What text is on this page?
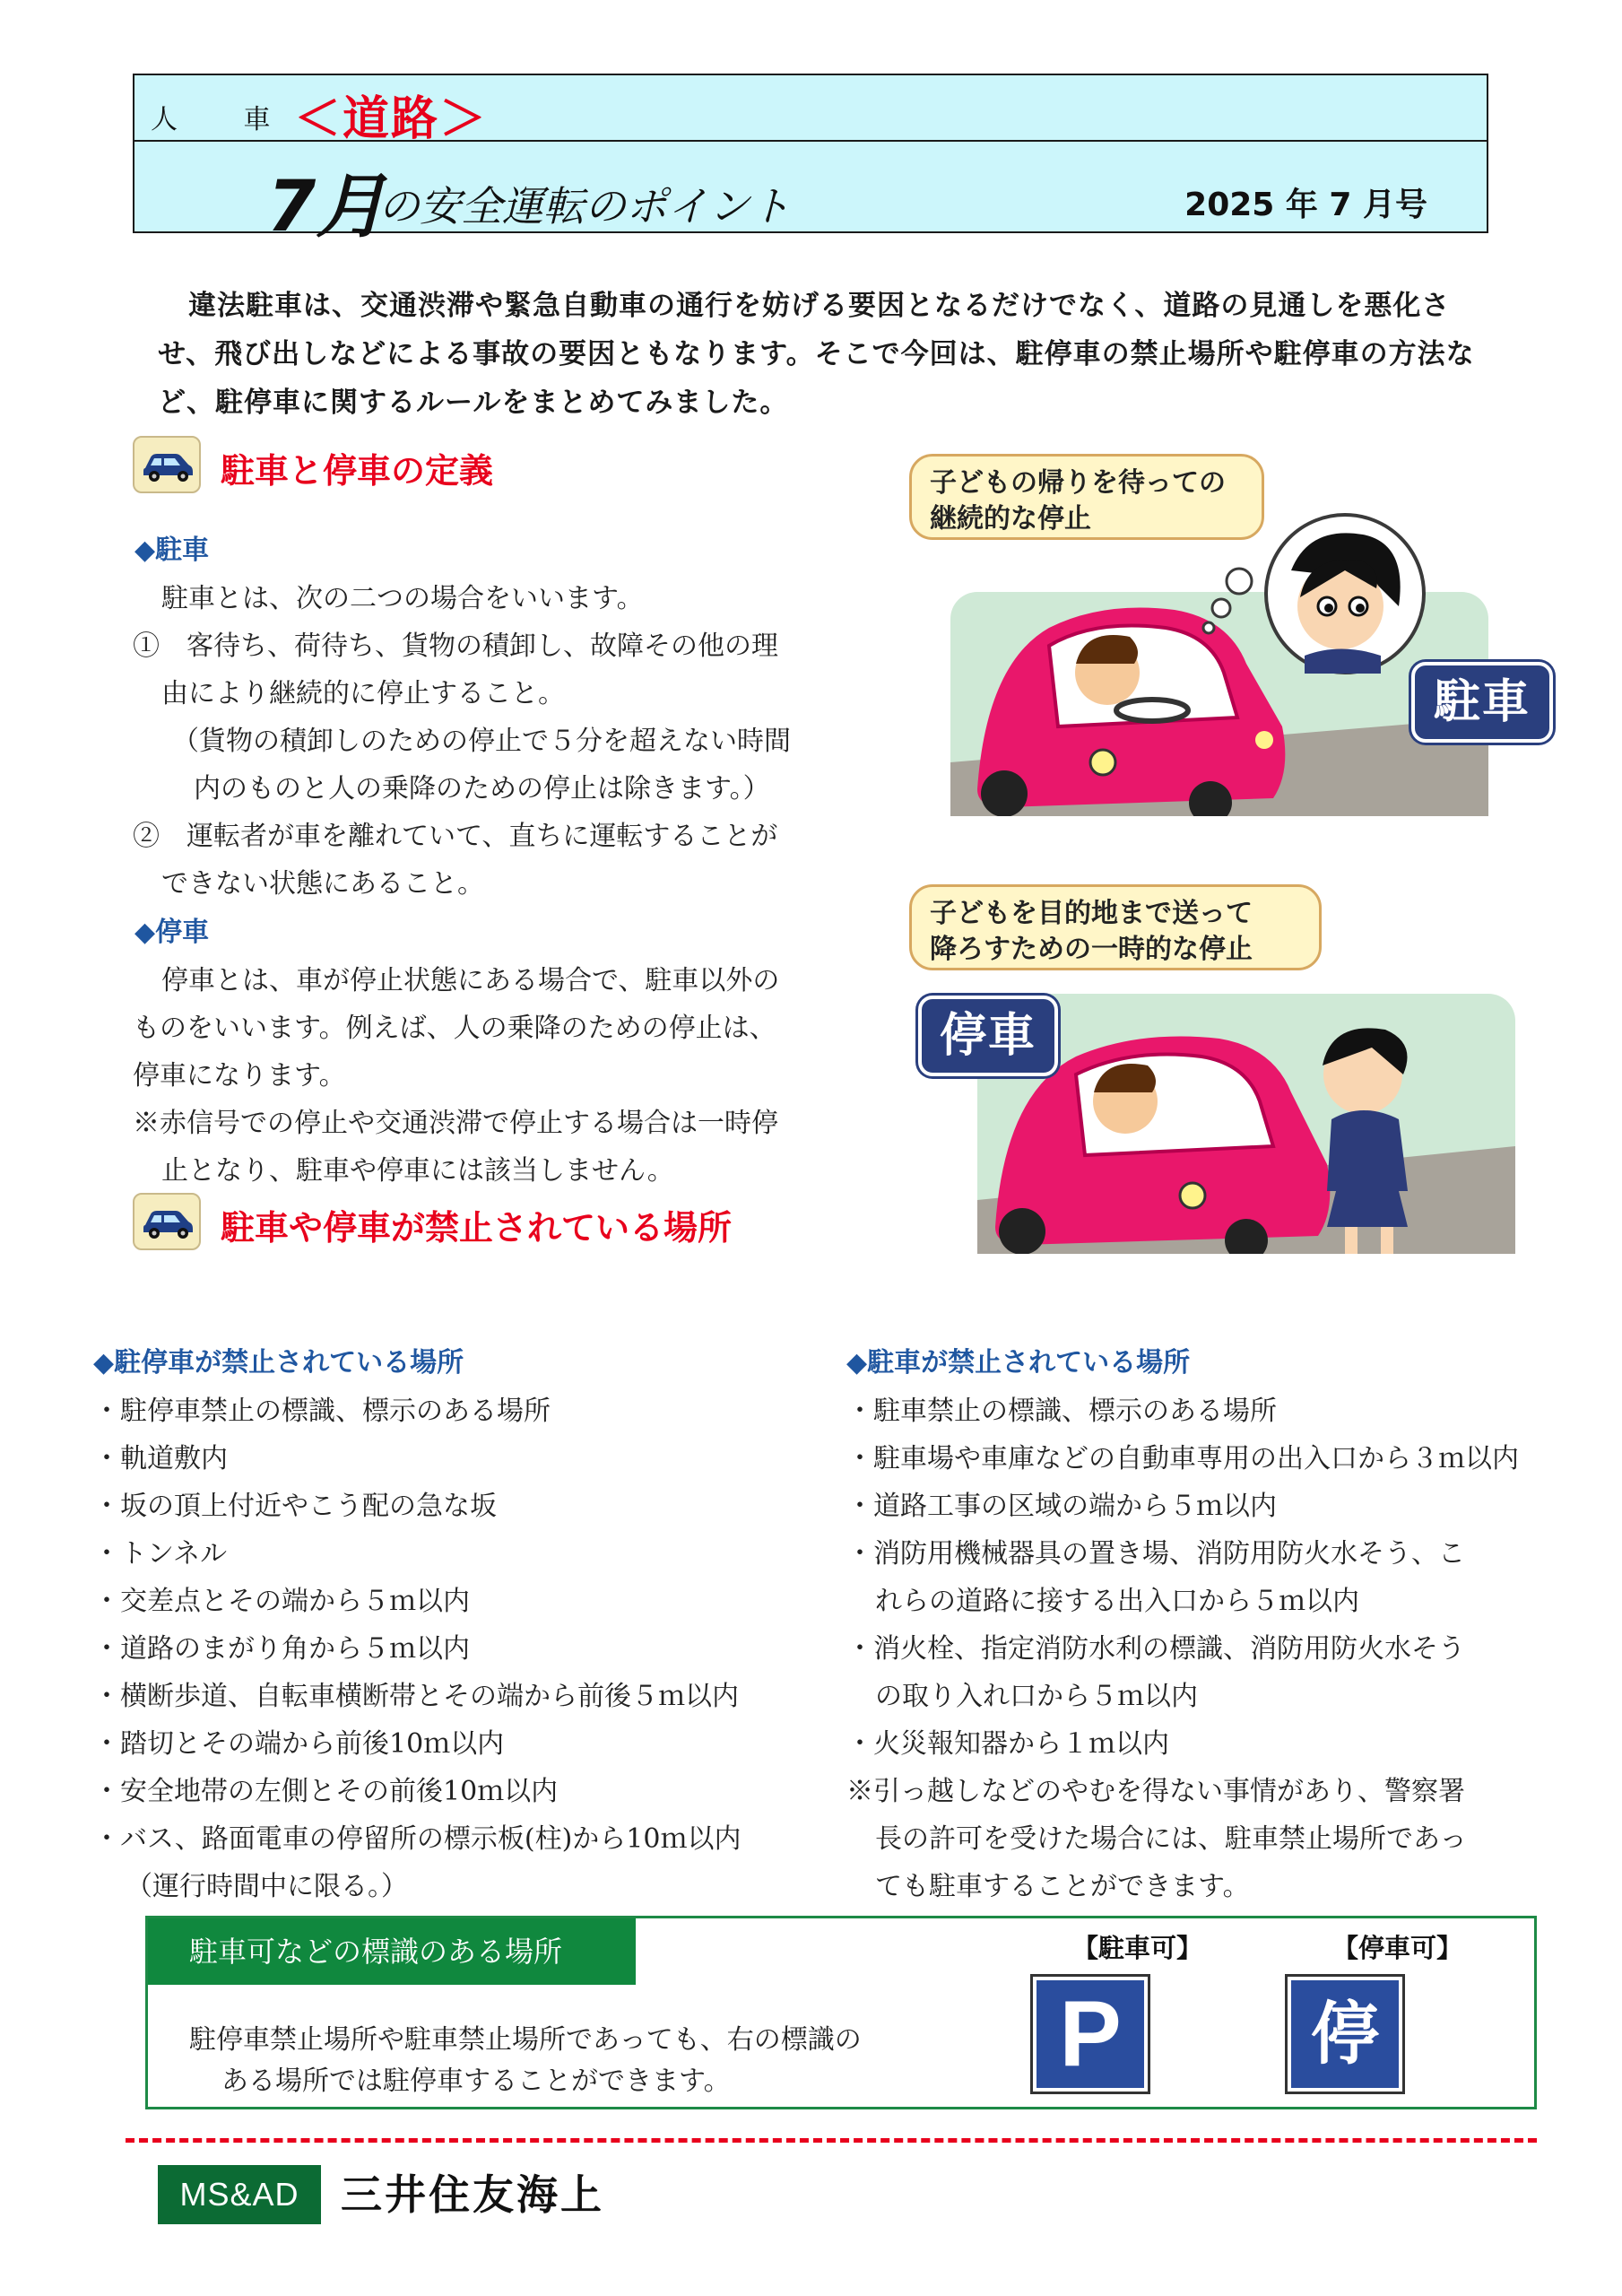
人 車
＜道路＞
7月
の安全運転のポイント	2025 年 7 月号
違法駐車は、交通渋滞や緊急自動車の通行を妨げる要因となるだけでなく、道路の見通しを悪化させ、飛び出しなどによる事故の要因ともなります。そこで今回は、駐停車の禁止場所や駐停車の方法など、駐停車に関するルールをまとめてみました。
駐車と停車の定義
◆駐車
駐車とは、次の二つの場合をいいます。
①　客待ち、荷待ち、貨物の積卸し、故障その他の理
由により継続的に停止すること。
（貨物の積卸しのための停止で５分を超えない時間
内のものと人の乗降のための停止は除きます。）
②　運転者が車を離れていて、直ちに運転することが
できない状態にあること。
◆停車
停車とは、車が停止状態にある場合で、駐車以外の
ものをいいます。例えば、人の乗降のための停止は、
停車になります。
※赤信号での停止や交通渋滞で停止する場合は一時停
止となり、駐車や停車には該当しません。
子どもの帰りを待っての
継続的な停止
駐車
子どもを目的地まで送って
降ろすための一時的な停止
停車
駐車や停車が禁止されている場所
◆駐停車が禁止されている場所
・駐停車禁止の標識、標示のある場所
・軌道敷内
・坂の頂上付近やこう配の急な坂
・トンネル
・交差点とその端から５ｍ以内
・道路のまがり角から５ｍ以内
・横断歩道、自転車横断帯とその端から前後５ｍ以内
・踏切とその端から前後10ｍ以内
・安全地帯の左側とその前後10ｍ以内
・バス、路面電車の停留所の標示板(柱)から10ｍ以内
（運行時間中に限る。）
◆駐車が禁止されている場所
・駐車禁止の標識、標示のある場所
・駐車場や車庫などの自動車専用の出入口から３ｍ以内
・道路工事の区域の端から５ｍ以内
・消防用機械器具の置き場、消防用防火水そう、こ
れらの道路に接する出入口から５ｍ以内
・消火栓、指定消防水利の標識、消防用防火水そう
の取り入れ口から５ｍ以内
・火災報知器から１ｍ以内
※引っ越しなどのやむを得ない事情があり、警察署
長の許可を受けた場合には、駐車禁止場所であっ
ても駐車することができます。
駐車可などの標識のある場所
駐停車禁止場所や駐車禁止場所であっても、右の標識の
ある場所では駐停車することができます。
【駐車可】
P
【停車可】
停
MS&AD	三井住友海上
